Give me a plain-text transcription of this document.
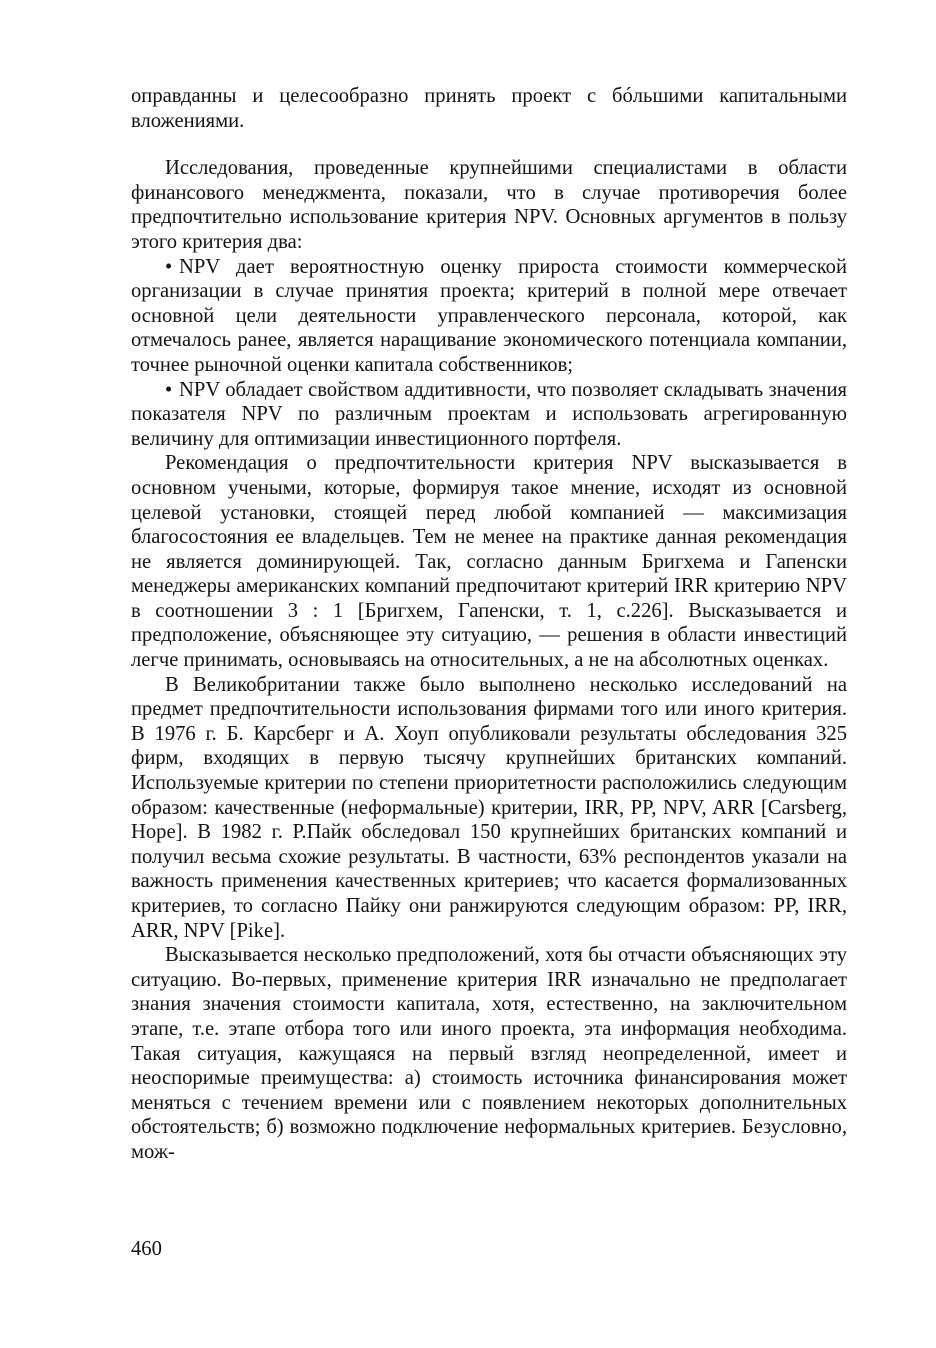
оправданны и целесообразно принять проект с бóльшими капитальными вложениями.

Исследования, проведенные крупнейшими специалистами в области финансового менеджмента, показали, что в случае противоречия более предпочтительно использование критерия NPV. Основных аргументов в пользу этого критерия два:

• NPV дает вероятностную оценку прироста стоимости коммерческой организации в случае принятия проекта; критерий в полной мере отвечает основной цели деятельности управленческого персонала, которой, как отмечалось ранее, является наращивание экономического потенциала компании, точнее рыночной оценки капитала собственников;
• NPV обладает свойством аддитивности, что позволяет складывать значения показателя NPV по различным проектам и использовать агрегированную величину для оптимизации инвестиционного портфеля.

Рекомендация о предпочтительности критерия NPV высказывается в основном учеными, которые, формируя такое мнение, исходят из основной целевой установки, стоящей перед любой компанией — максимизация благосостояния ее владельцев. Тем не менее на практике данная рекомендация не является доминирующей. Так, согласно данным Бригхема и Гапенски менеджеры американских компаний предпочитают критерий IRR критерию NPV в соотношении 3 : 1 [Бригхем, Гапенски, т. 1, с.226]. Высказывается и предположение, объясняющее эту ситуацию, — решения в области инвестиций легче принимать, основываясь на относительных, а не на абсолютных оценках.

В Великобритании также было выполнено несколько исследований на предмет предпочтительности использования фирмами того или иного критерия. В 1976 г. Б. Карсберг и А. Хоуп опубликовали результаты обследования 325 фирм, входящих в первую тысячу крупнейших британских компаний. Используемые критерии по степени приоритетности расположились следующим образом: качественные (неформальные) критерии, IRR, PP, NPV, ARR [Carsberg, Hope]. В 1982 г. Р.Пайк обследовал 150 крупнейших британских компаний и получил весьма схожие результаты. В частности, 63% респондентов указали на важность применения качественных критериев; что касается формализованных критериев, то согласно Пайку они ранжируются следующим образом: PP, IRR, ARR, NPV [Pike].

Высказывается несколько предположений, хотя бы отчасти объясняющих эту ситуацию. Во-первых, применение критерия IRR изначально не предполагает знания значения стоимости капитала, хотя, естественно, на заключительном этапе, т.е. этапе отбора того или иного проекта, эта информация необходима. Такая ситуация, кажущаяся на первый взгляд неопределенной, имеет и неоспоримые преимущества: а) стоимость источника финансирования может меняться с течением времени или с появлением некоторых дополнительных обстоятельств; б) возможно подключение неформальных критериев. Безусловно, мож-

460
